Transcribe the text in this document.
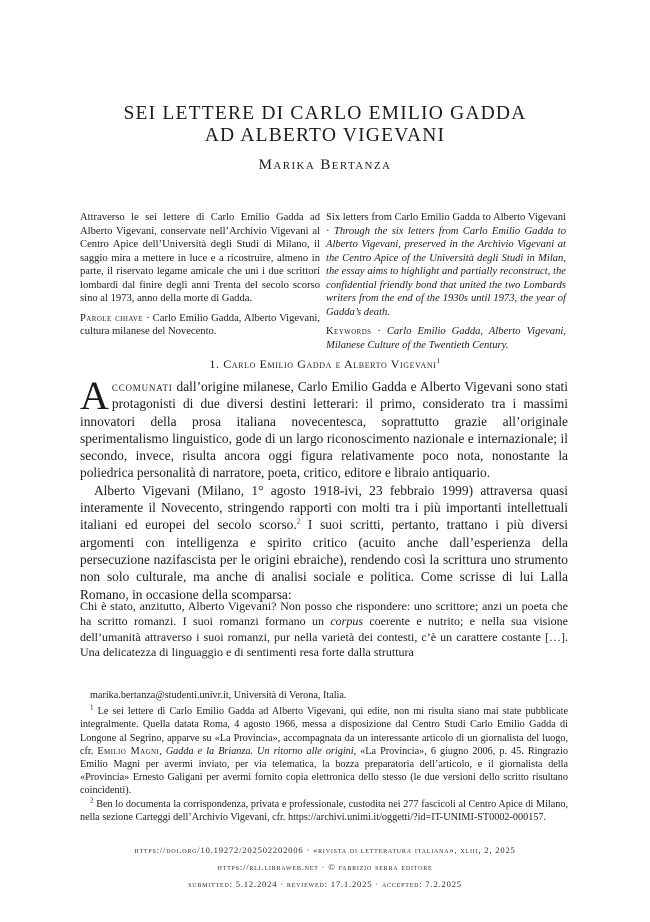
SEI LETTERE DI CARLO EMILIO GADDA
AD ALBERTO VIGEVANI
Marika Bertanza

Attraverso le sei lettere di Carlo Emilio Gadda ad Alberto Vigevani, conservate nell’Archivio Vigevani al Centro Apice dell’Università degli Studi di Milano, il saggio mira a mettere in luce e a ricostruire, almeno in parte, il riservato legame amicale che unì i due scrittori lombardi dal finire degli anni Trenta del secolo scorso sino al 1973, anno della morte di Gadda.

Parole chiave · Carlo Emilio Gadda, Alberto Vigevani, cultura milanese del Novecento.

Six letters from Carlo Emilio Gadda to Alberto Vigevani · Through the six letters from Carlo Emilio Gadda to Alberto Vigevani, preserved in the Archivio Vigevani at the Centro Apice of the Università degli Studi in Milan, the essay aims to highlight and partially reconstruct, the confidential friendly bond that united the two Lombards writers from the end of the 1930s until 1973, the year of Gadda’s death.

Keywords · Carlo Emilio Gadda, Alberto Vigevani, Milanese Culture of the Twentieth Century.

1. Carlo Emilio Gadda e Alberto Vigevani$^1$

Accomunati dall’origine milanese, Carlo Emilio Gadda e Alberto Vigevani sono stati protagonisti di due diversi destini letterari: il primo, considerato tra i massimi innovatori della prosa italiana novecentesca, soprattutto grazie all’originale sperimentalismo linguistico, gode di un largo riconoscimento nazionale e internazionale; il secondo, invece, risulta ancora oggi figura relativamente poco nota, nonostante la poliedrica personalità di narratore, poeta, critico, editore e libraio antiquario.

Alberto Vigevani (Milano, 1° agosto 1918-ivi, 23 febbraio 1999) attraversa quasi interamente il Novecento, stringendo rapporti con molti tra i più importanti intellettuali italiani ed europei del secolo scorso.$^2$ I suoi scritti, pertanto, trattano i più diversi argomenti con intelligenza e spirito critico (acuito anche dall’esperienza della persecuzione nazifascista per le origini ebraiche), rendendo così la scrittura uno strumento non solo culturale, ma anche di analisi sociale e politica. Come scrisse di lui Lalla Romano, in occasione della scomparsa:

Chi è stato, anzitutto, Alberto Vigevani? Non posso che rispondere: uno scrittore; anzi un poeta che ha scritto romanzi. I suoi romanzi formano un corpus coerente e nutrito; e nella sua visione dell’umanità attraverso i suoi romanzi, pur nella varietà dei contesti, c’è un carattere costante […]. Una delicatezza di linguaggio e di sentimenti resa forte dalla struttura

marika.bertanza@studenti.univr.it, Università di Verona, Italia.

$^1$ Le sei lettere di Carlo Emilio Gadda ad Alberto Vigevani, qui edite, non mi risulta siano mai state pubblicate integralmente. Quella datata Roma, 4 agosto 1966, messa a disposizione dal Centro Studi Carlo Emilio Gadda di Longone al Segrino, apparve su «La Provincia», accompagnata da un interessante articolo di un giornalista del luogo, cfr. Emilio Magni, Gadda e la Brianza. Un ritorno alle origini, «La Provincia», 6 giugno 2006, p. 45. Ringrazio Emilio Magni per avermi inviato, per via telematica, la bozza preparatoria dell’articolo, e il giornalista della «Provincia» Ernesto Galigani per avermi fornito copia elettronica dello stesso (le due versioni dello scritto risultano coincidenti).

$^2$ Ben lo documenta la corrispondenza, privata e professionale, custodita nei 277 fascicoli al Centro Apice di Milano, nella sezione Carteggi dell’Archivio Vigevani, cfr. https://archivi.unimi.it/oggetti/?id=IT-UNIMI-ST0002-000157.

https://doi.org/10.19272/202502202006 · «rivista di letteratura italiana», xliii, 2, 2025
https://rli.libraweb.net · © fabrizio serra editore
submitted: 5.12.2024 · reviewed: 17.1.2025 · accepted: 7.2.2025
